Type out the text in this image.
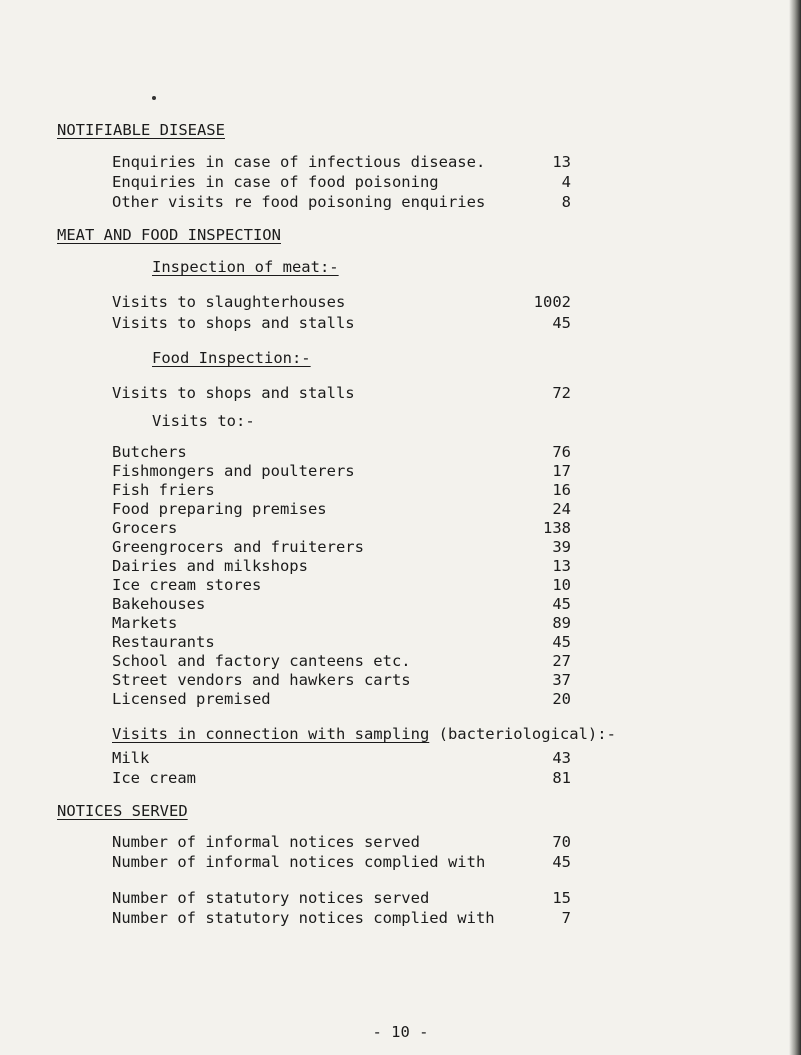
NOTIFIABLE DISEASE
Enquiries in case of infectious disease.	13
Enquiries in case of food poisoning	4
Other visits re food poisoning enquiries	8
MEAT AND FOOD INSPECTION
Inspection of meat:-
Visits to slaughterhouses	1002
Visits to shops and stalls	45
Food Inspection:-
Visits to shops and stalls	72
Visits to:-
Butchers	76
Fishmongers and poulterers	17
Fish friers	16
Food preparing premises	24
Grocers	138
Greengrocers and fruiterers	39
Dairies and milkshops	13
Ice cream stores	10
Bakehouses	45
Markets	89
Restaurants	45
School and factory canteens etc.	27
Street vendors and hawkers carts	37
Licensed premised	20
Visits in connection with sampling (bacteriological):-
Milk	43
Ice cream	81
NOTICES SERVED
Number of informal notices served	70
Number of informal notices complied with	45
Number of statutory notices served	15
Number of statutory notices complied with	7
- 10 -
